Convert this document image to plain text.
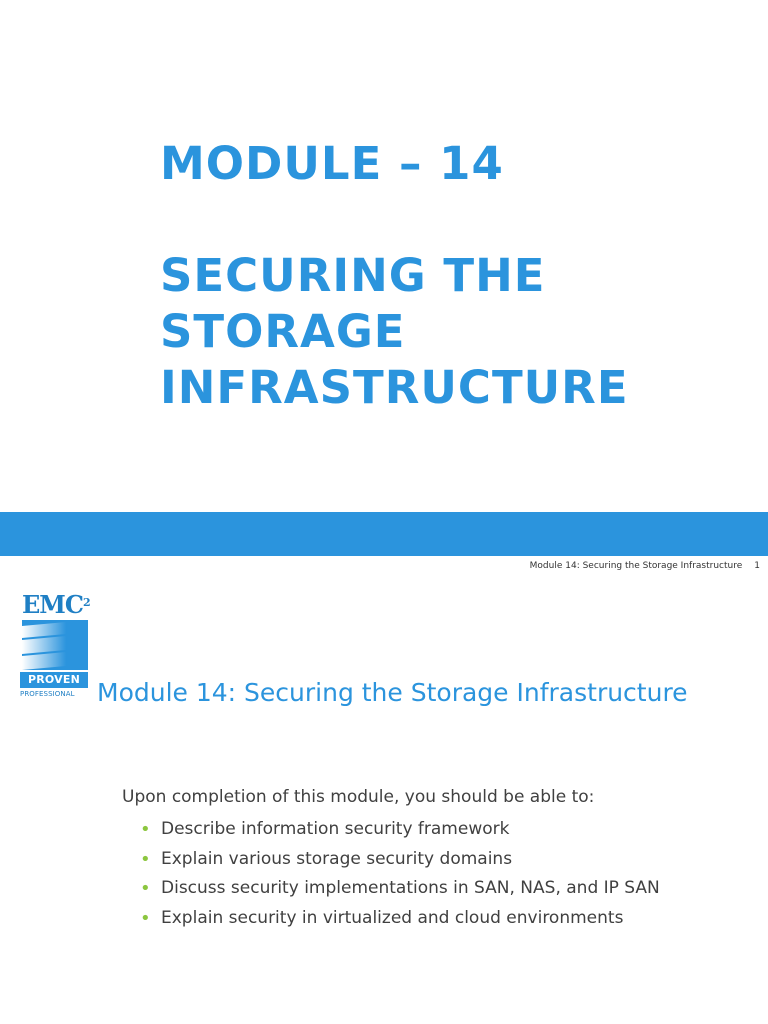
MODULE – 14
SECURING THE
STORAGE
INFRASTRUCTURE
Module 14: Securing the Storage Infrastructure 1
EMC$^2$
PROVEN
PROFESSIONAL Module 14: Securing the Storage Infrastructure
Upon completion of this module, you should be able to:
• Describe information security framework
• Explain various storage security domains
• Discuss security implementations in SAN, NAS, and IP SAN
• Explain security in virtualized and cloud environments
